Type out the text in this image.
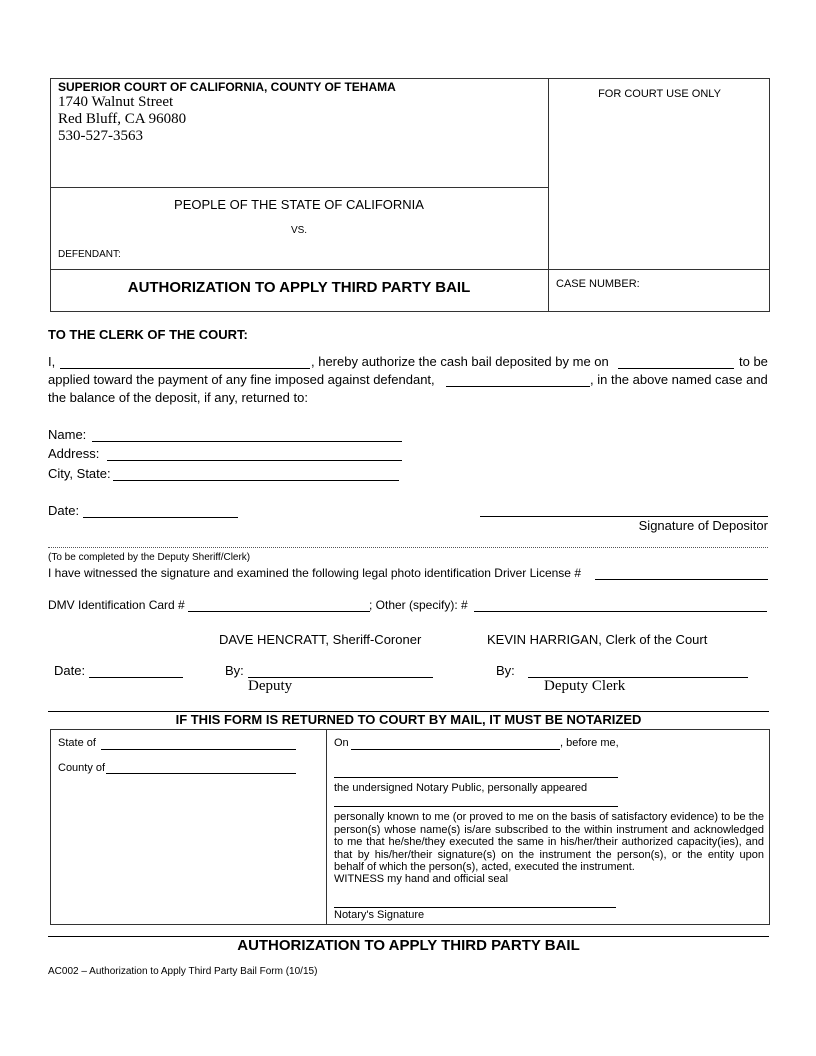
SUPERIOR COURT OF CALIFORNIA, COUNTY OF TEHAMA
1740 Walnut Street
Red Bluff, CA 96080
530-527-3563
FOR COURT USE ONLY
PEOPLE OF THE STATE OF CALIFORNIA
VS.
DEFENDANT:
AUTHORIZATION TO APPLY THIRD PARTY BAIL	CASE NUMBER:
TO THE CLERK OF THE COURT:
I,	, hereby authorize the cash bail deposited by me on	to be
applied toward the payment of any fine imposed against defendant,	, in the above named case and
the balance of the deposit, if any, returned to:
Name:
Address:
City, State:
Date:
Signature of Depositor
(To be completed by the Deputy Sheriff/Clerk)
I have witnessed the signature and examined the following legal photo identification Driver License #
DMV Identification Card #	; Other (specify): #
DAVE HENCRATT, Sheriff-Coroner	KEVIN HARRIGAN, Clerk of the Court
Date:	By:
Deputy
By:
Deputy Clerk
IF THIS FORM IS RETURNED TO COURT BY MAIL, IT MUST BE NOTARIZED
State of
County of
On	, before me,
the undersigned Notary Public, personally appeared
personally known to me (or proved to me on the basis of satisfactory evidence) to be the person(s) whose name(s) is/are subscribed to the within instrument and acknowledged to me that he/she/they executed the same in his/her/their authorized capacity(ies), and that by his/her/their signature(s) on the instrument the person(s), or the entity upon behalf of which the person(s), acted, executed the instrument.
WITNESS my hand and official seal
Notary's Signature
AUTHORIZATION TO APPLY THIRD PARTY BAIL
AC002 – Authorization to Apply Third Party Bail Form (10/15)
